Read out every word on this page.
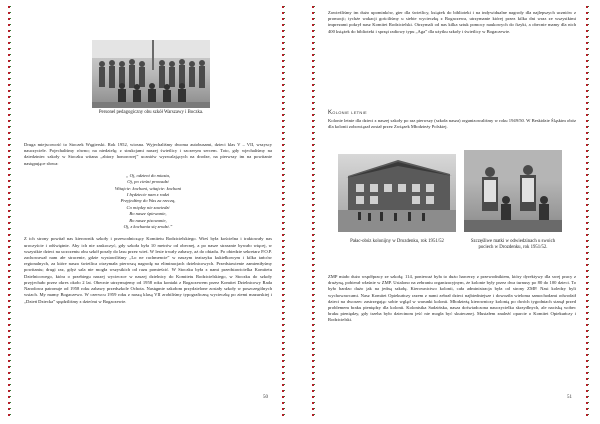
Personel pedagogiczny obu szkół Warszawy i Boczka.

Druga miejscowość to Stoczek Węgierski. Rok 1952, wiosna. Wyjechaliśmy dwoma autobusami, dzieci klas V – VII, wszyscy nauczyciele. Pojechaliśmy równo; na niedzielę; z strukcjami naszej świetlicy i szczerym sercem. Toto, gdy wjechaliśmy na dziedziniec szkoły w Stoczku witana „zbiory honorowej” uczniów wyzwalających na drodze, na pierwszy im na powitanie następujące słowa:

„ Oj, odzieni do miasta,
Oj, po cieśni prowadzi
Witajcie: kochani, witajcie: kochani
I będziecie nam z radzi
Przyjedźmy do Was za rzeczą,
Co między nie zawiedzi
Bo nasze śpiewanie,
Bo nasze pisowanie,
Oj, z kochania się zrodzi.”

Z ich strony powitał nas kierownik szkoły i przewodniczący Komitetu Rodzicielskiego. Wieś była kościelna i traktowały nas uroczyście i odświętnie. Aby ich nie zaskoczyć, gdy szkoła była 10 metrów od obecnej, a po nasze strasznie bywało więcej, w wszystkie dzieci na uczczeniu obu szkół poszły do lasu przez wieś. W lesie trwały zabawy, aż do obiadu. Po obiedzie sekretarz P.O.P. zachowawał nam ałe stracenie, gdzie wystawiliśmy „Lo ne rachmencie” w naszym teatrzyku kukiełkowym i kilka tańców regionalnych, za które nasza świetlica otrzymała pierwszą nagrodę na eliminacjach dzielnicowych. Przedstawienie zamieniłyśmy powitaniu; drugi raz, gdyż sala nie mogła wszystkich od razu pomieścić. W Stoczku była z nami przedstawicielka Komitetu Dzielnicowego, która o przebiegu naszej wycieczce w naszej dzielnicy do Komitetu Rodzicielskiego, w Stoczku do szkoły przyjechało przez okres około 2 lat. Obecnie utrzymujemy od 1958 roku kontakt z Bogaczewem przez Komitet Dzielnicowy Rada Narodowa patronuje od 1958 roku zabawy przedszkole Ochota. Następnie szkołom przydzielone zostały szkoły w poszczególnych wsiach. My mamy Bogaczewo. W czerwcu 1959 roku z naszą klasą VII zrobiliśmy typograficzną wycieczkę po ziemi mazurskiej i „Dzień Dziecka” spędziliśmy z dziećmi w Bogaczewie.

50

Zawieźliśmy im dużo upominków, gier dla świetlicy, książek do biblioteki i na indywidualne nagrody dla najlepszych uczniów z promocji; tychże wakacji gościliśmy u siebie wycieczkę z Bogaczewa, utrzymanie której przez kilka dni wraz ze wszystkimi imprezami pokrył nasz Komitet Rodzicielski. Otrzymali od nas kilka sztuk pomocy naukowych do fizyki, a obecnie mamy dla nich 400 książek do biblioteki i sprzęt radiowy typu „Aga” dla użytku szkoły i świetlicy w Bogaczewie.

Kolonie letnie

Kolonie letnie dla dzieci z naszej szkoły po raz pierwszy (szkoła nasza) organizowaliśmy w roku 1949/50. W Beskidzie Śląskim obóz dla kolonii zobowiązał został przez Związek Młodzieży Polskiej.

Pałac-obóz kolonijny w Drozdenku, rok 1951/52	Szczęśliwe matki w odwiedzinach u swoich pociech w Drozdenku, rok 1951/52.

ZMP miało dużo współpracy ze szkołą; 114, ponieważ była to dużo harcerzy z przewodnikiem, który dyrektywy dla swej pracy z drużyną, pobierał właśnie w ZMP. Ustalono na zebraniu organizacyjnym, że kolonie były przez dwa turnusy po 80 do 100 dzieci. To było bardzo dużo jak na jedną szkołę. Kierownictwo kolonii, cała administracja była od strony ZMP. Nasi koledzy byli wychowawcami. Nasz Komitet Opiekuńczy razem z nami zebrał dzieci najbiedniejsze i dowoziła wieloma samochodami odwodził dzieci na dworzec zastrzegając sobie wgląd w warunki kolonii. Młodzieżą kierowniczy kolonią po dwóch tygodniach stanął przed problemem braku pieniędzy dla kolonii. Kolonistka Sadzińska, nasza doświadczona nauczycielka skrzydlnych, ale naciską wobec braku pieniędzy, gdy trzeba było dziecinom jeść nie mogła być skutecznej. Musiałem znaleźć oparcie o Komitet Opiekuńczy i Rodzicielski.

51
